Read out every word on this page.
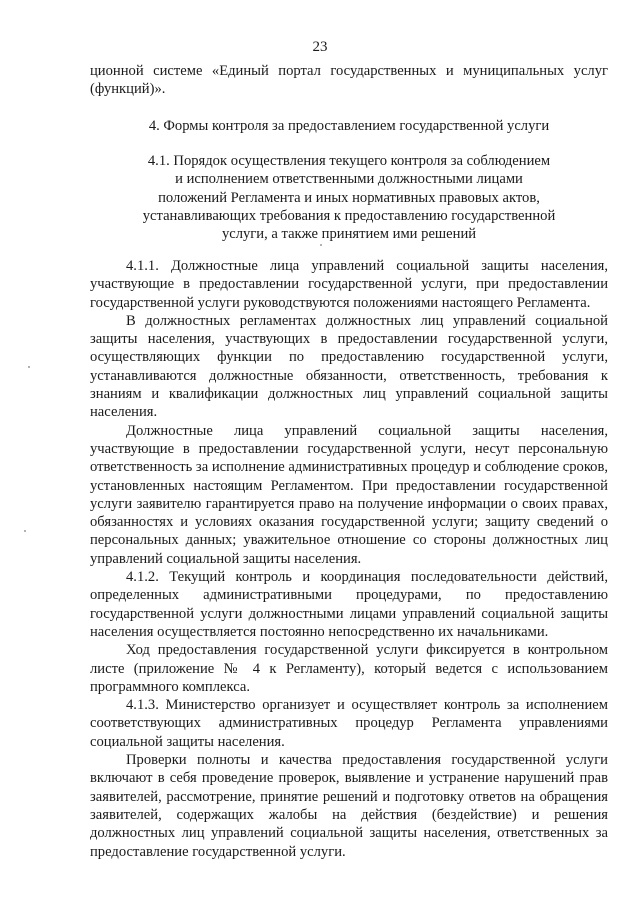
23

ционной системе «Единый портал государственных и муниципальных услуг (функций)».

4. Формы контроля за предоставлением государственной услуги

4.1. Порядок осуществления текущего контроля за соблюдением
и исполнением ответственными должностными лицами
положений Регламента и иных нормативных правовых актов,
устанавливающих требования к предоставлению государственной
услуги, а также принятием ими решений

4.1.1. Должностные лица управлений социальной защиты населения, участвующие в предоставлении государственной услуги, при предоставлении государственной услуги руководствуются положениями настоящего Регламента.

В должностных регламентах должностных лиц управлений социальной защиты населения, участвующих в предоставлении государственной услуги, осуществляющих функции по предоставлению государственной услуги, устанавливаются должностные обязанности, ответственность, требования к знаниям и квалификации должностных лиц управлений социальной защиты населения.

Должностные лица управлений социальной защиты населения, участвующие в предоставлении государственной услуги, несут персональную ответственность за исполнение административных процедур и соблюдение сроков, установленных настоящим Регламентом. При предоставлении государственной услуги заявителю гарантируется право на получение информации о своих правах, обязанностях и условиях оказания государственной услуги; защиту сведений о персональных данных; уважительное отношение со стороны должностных лиц управлений социальной защиты населения.

4.1.2. Текущий контроль и координация последовательности действий, определенных административными процедурами, по предоставлению государственной услуги должностными лицами управлений социальной защиты населения осуществляется постоянно непосредственно их начальниками.

Ход предоставления государственной услуги фиксируется в контрольном листе (приложение № 4 к Регламенту), который ведется с использованием программного комплекса.

4.1.3. Министерство организует и осуществляет контроль за исполнением соответствующих административных процедур Регламента управлениями социальной защиты населения.

Проверки полноты и качества предоставления государственной услуги включают в себя проведение проверок, выявление и устранение нарушений прав заявителей, рассмотрение, принятие решений и подготовку ответов на обращения заявителей, содержащих жалобы на действия (бездействие) и решения должностных лиц управлений социальной защиты населения, ответственных за предоставление государственной услуги.
